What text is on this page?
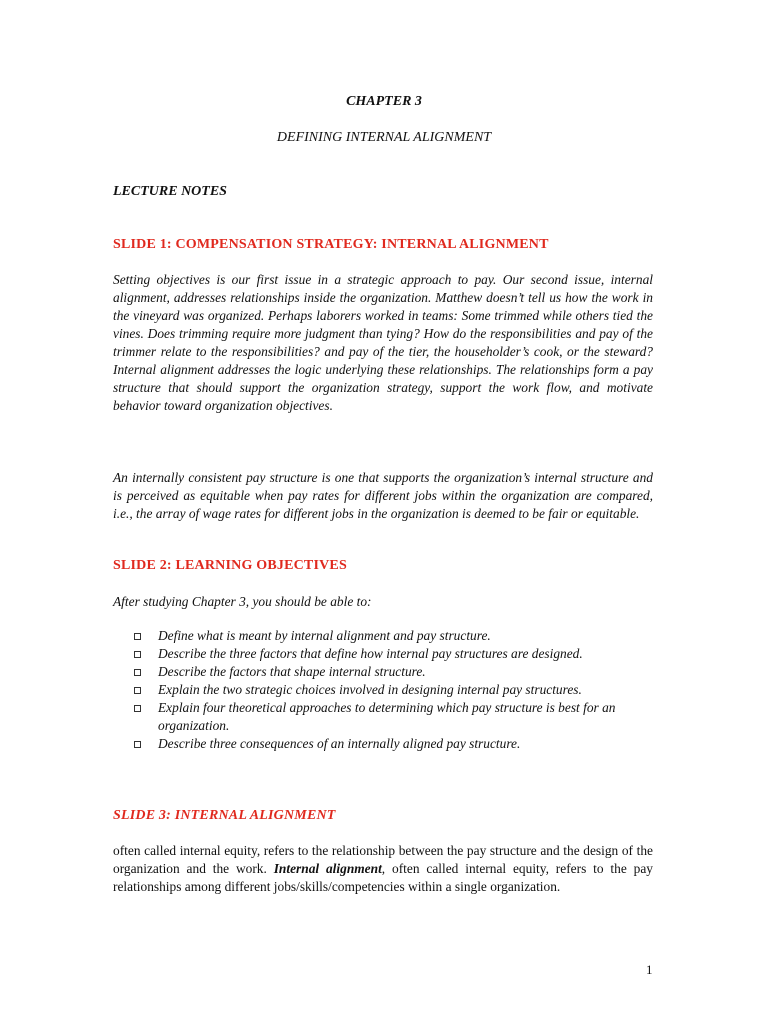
CHAPTER 3
DEFINING INTERNAL ALIGNMENT
LECTURE NOTES
SLIDE 1: COMPENSATION STRATEGY: INTERNAL ALIGNMENT
Setting objectives is our first issue in a strategic approach to pay. Our second issue, internal alignment, addresses relationships inside the organization. Matthew doesn’t tell us how the work in the vineyard was organized. Perhaps laborers worked in teams: Some trimmed while others tied the vines. Does trimming require more judgment than tying? How do the responsibilities and pay of the trimmer relate to the responsibilities? and pay of the tier, the householder’s cook, or the steward? Internal alignment addresses the logic underlying these relationships. The relationships form a pay structure that should support the organization strategy, support the work flow, and motivate behavior toward organization objectives.
An internally consistent pay structure is one that supports the organization’s internal structure and is perceived as equitable when pay rates for different jobs within the organization are compared, i.e., the array of wage rates for different jobs in the organization is deemed to be fair or equitable.
SLIDE 2: LEARNING OBJECTIVES
After studying Chapter 3, you should be able to:
Define what is meant by internal alignment and pay structure.
Describe the three factors that define how internal pay structures are designed.
Describe the factors that shape internal structure.
Explain the two strategic choices involved in designing internal pay structures.
Explain four theoretical approaches to determining which pay structure is best for an organization.
Describe three consequences of an internally aligned pay structure.
SLIDE 3: INTERNAL ALIGNMENT
often called internal equity, refers to the relationship between the pay structure and the design of the organization and the work. Internal alignment, often called internal equity, refers to the pay relationships among different jobs/skills/competencies within a single organization.
1
